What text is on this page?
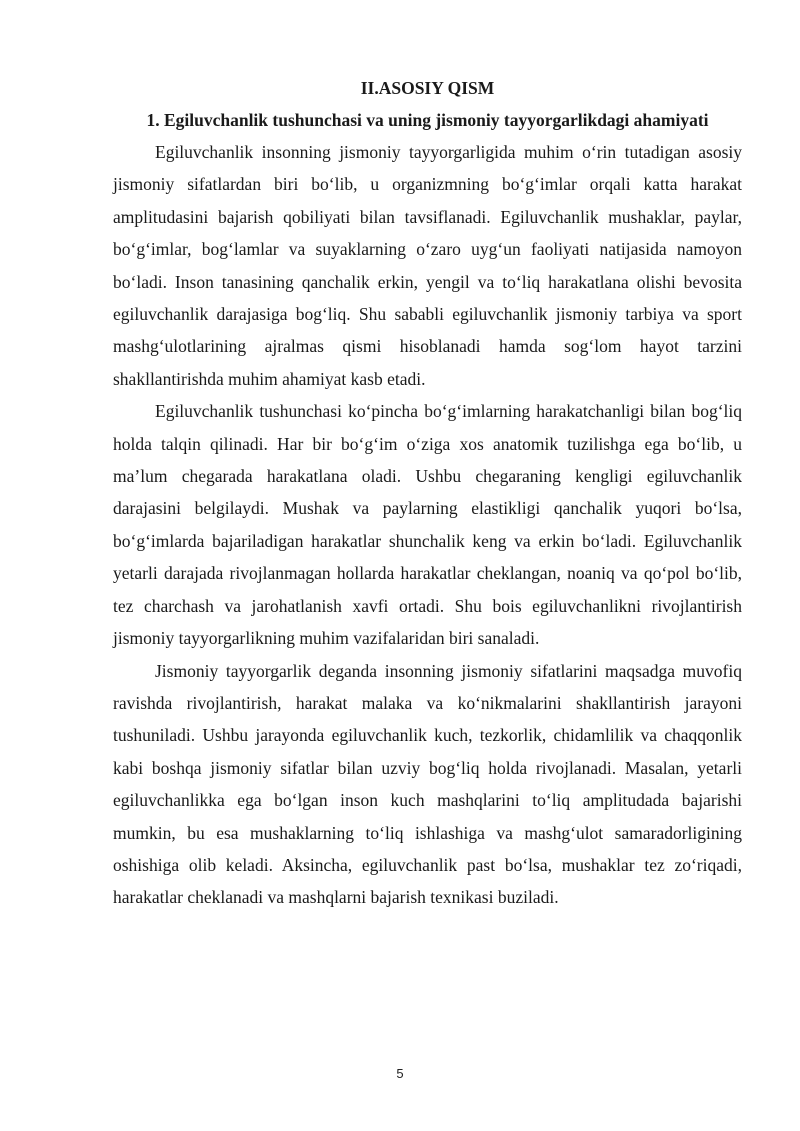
II.ASOSIY QISM
1. Egiluvchanlik tushunchasi va uning jismoniy tayyorgarlikdagi ahamiyati

Egiluvchanlik insonning jismoniy tayyorgarligida muhim o‘rin tutadigan asosiy jismoniy sifatlardan biri bo‘lib, u organizmning bo‘g‘imlar orqali katta harakat amplitudasini bajarish qobiliyati bilan tavsiflanadi. Egiluvchanlik mushaklar, paylar, bo‘g‘imlar, bog‘lamlar va suyaklarning o‘zaro uyg‘un faoliyati natijasida namoyon bo‘ladi. Inson tanasining qanchalik erkin, yengil va to‘liq harakatlana olishi bevosita egiluvchanlik darajasiga bog‘liq. Shu sababli egiluvchanlik jismoniy tarbiya va sport mashg‘ulotlarining ajralmas qismi hisoblanadi hamda sog‘lom hayot tarzini shakllantirishda muhim ahamiyat kasb etadi.

Egiluvchanlik tushunchasi ko‘pincha bo‘g‘imlarning harakatchanligi bilan bog‘liq holda talqin qilinadi. Har bir bo‘g‘im o‘ziga xos anatomik tuzilishga ega bo‘lib, u ma’lum chegarada harakatlana oladi. Ushbu chegaraning kengligi egiluvchanlik darajasini belgilaydi. Mushak va paylarning elastikligi qanchalik yuqori bo‘lsa, bo‘g‘imlarda bajariladigan harakatlar shunchalik keng va erkin bo‘ladi. Egiluvchanlik yetarli darajada rivojlanmagan hollarda harakatlar cheklangan, noaniq va qo‘pol bo‘lib, tez charchash va jarohatlanish xavfi ortadi. Shu bois egiluvchanlikni rivojlantirish jismoniy tayyorgarlikning muhim vazifalaridan biri sanaladi.

Jismoniy tayyorgarlik deganda insonning jismoniy sifatlarini maqsadga muvofiq ravishda rivojlantirish, harakat malaka va ko‘nikmalarini shakllantirish jarayoni tushuniladi. Ushbu jarayonda egiluvchanlik kuch, tezkorlik, chidamlilik va chaqqonlik kabi boshqa jismoniy sifatlar bilan uzviy bog‘liq holda rivojlanadi. Masalan, yetarli egiluvchanlikka ega bo‘lgan inson kuch mashqlarini to‘liq amplitudada bajarishi mumkin, bu esa mushaklarning to‘liq ishlashiga va mashg‘ulot samaradorligining oshishiga olib keladi. Aksincha, egiluvchanlik past bo‘lsa, mushaklar tez zo‘riqadi, harakatlar cheklanadi va mashqlarni bajarish texnikasi buziladi.

5
